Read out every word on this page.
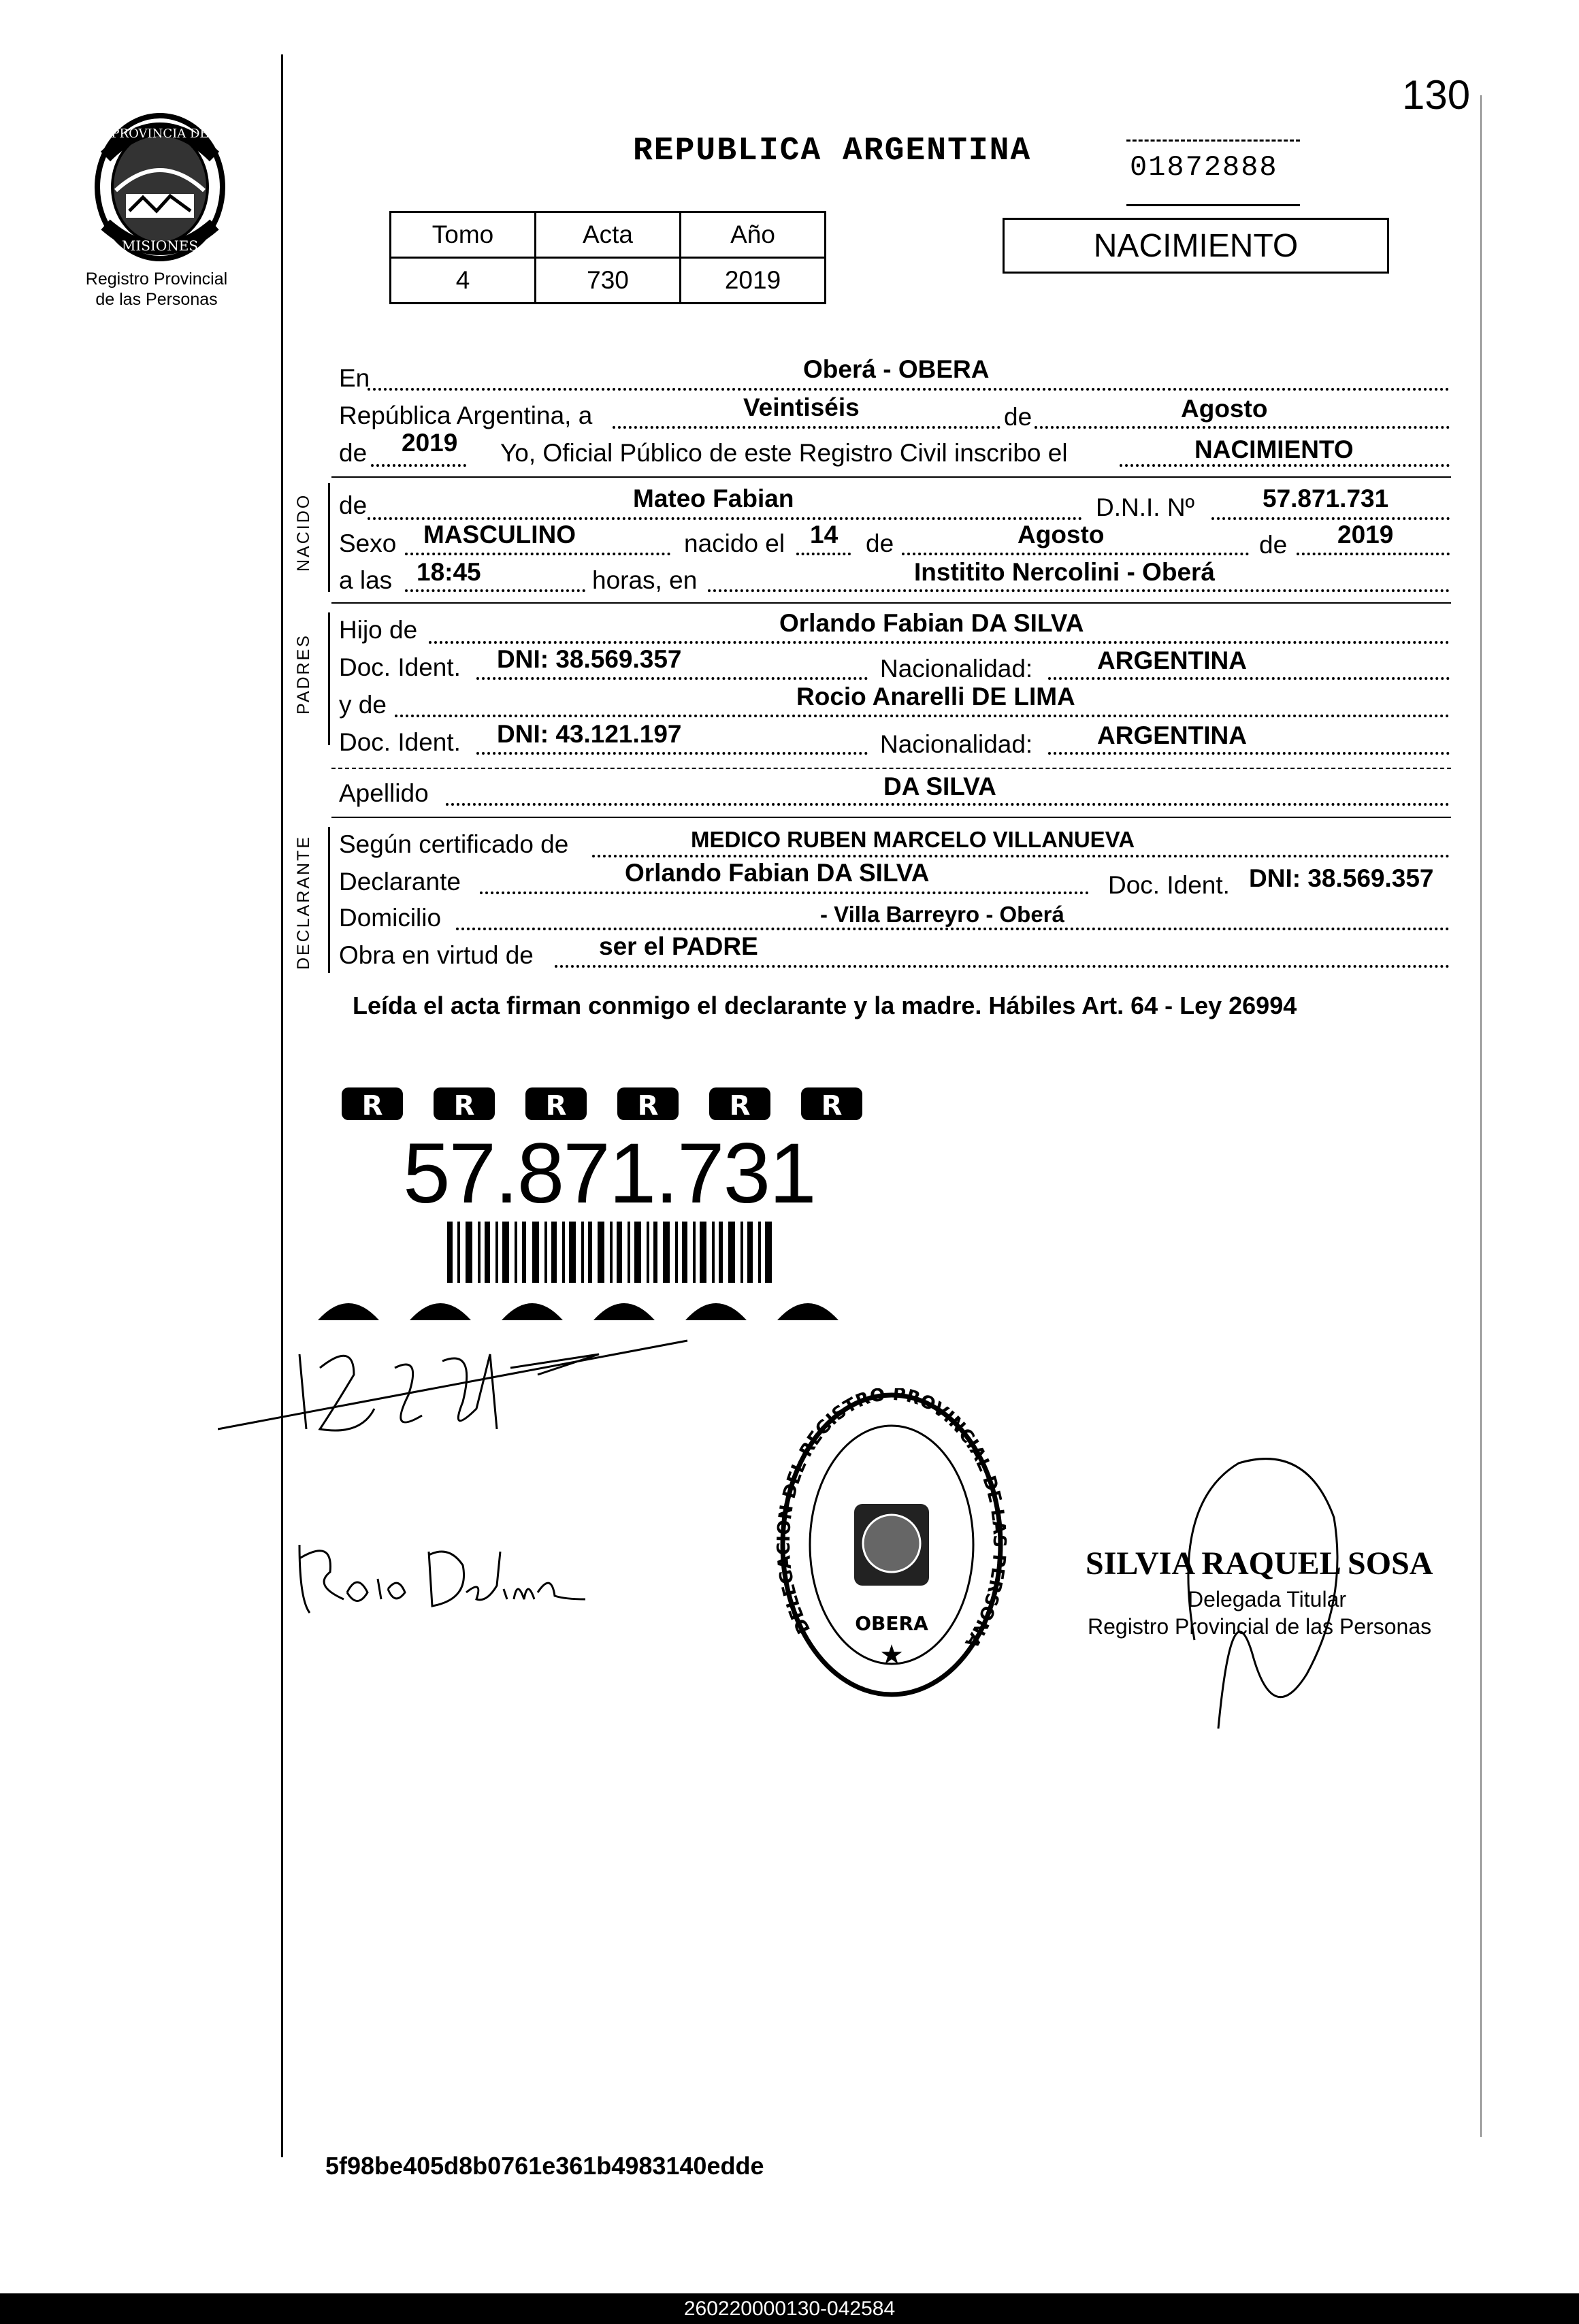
130
PROVINCIA DE
MISIONES
Registro Provincial
de las Personas
REPUBLICA ARGENTINA	01872888
Tomo	Acta	Año
4	730	2019
NACIMIENTO
En	Oberá - OBERA
República Argentina, a	Veintiséis	de	Agosto
de 2019 Yo, Oficial Público de este Registro Civil inscribo el	NACIMIENTO
NACIDO de	Mateo Fabian	D.N.I. Nº	57.871.731
Sexo MASCULINO	nacido el 14 de	Agosto	de 2019
a las 18:45	horas, en	Institito Nercolini - Oberá
PADRES
Hijo de	Orlando Fabian DA SILVA
Doc. Ident. DNI: 38.569.357	Nacionalidad:	ARGENTINA
y de	Rocio Anarelli DE LIMA
Doc. Ident. DNI: 43.121.197	Nacionalidad:	ARGENTINA
Apellido	DA SILVA
DECLARANTE Según certificado de	MEDICO RUBEN MARCELO VILLANUEVA
Declarante	Orlando Fabian DA SILVA	Doc. Ident. DNI: 38.569.357
Domicilio	- Villa Barreyro - Oberá
Obra en virtud de	ser el PADRE
Leída el acta firman conmigo el declarante y la madre. Hábiles Art. 64 - Ley 26994
R	R	R	R	R	R
57.871.731
DELEGA ON DEL REGISTRO PROVINCIAL DE LA PERSONA
OBERA
★
SILVIA RAQUEL SOSA
Delegada Titular
Registro Provincial de las Personas
5f98be405d8b0761e361b4983140edde
260220000130-042584
